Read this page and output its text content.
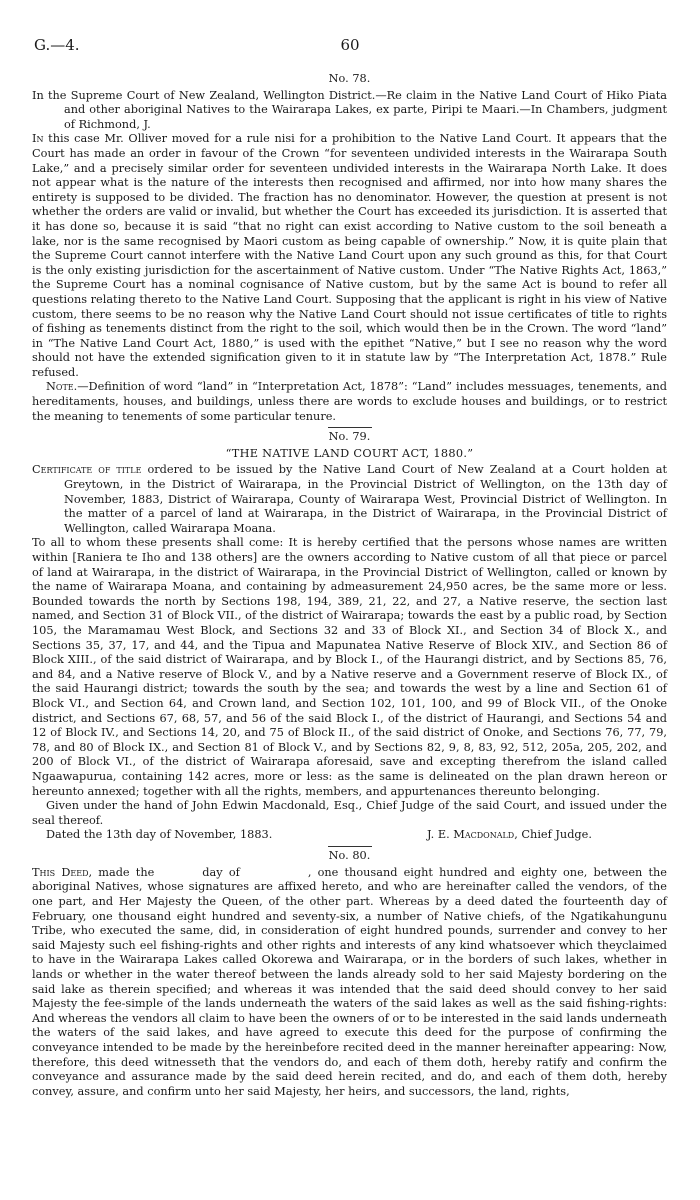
G.—4.	60
No. 78.

In the Supreme Court of New Zealand, Wellington District.—Re claim in the Native Land Court of Hiko Piata and other aboriginal Natives to the Wairarapa Lakes, ex parte, Piripi te Maari.—In Chambers, judgment of Richmond, J.

In this case Mr. Olliver moved for a rule nisi for a prohibition to the Native Land Court. It appears that the Court has made an order in favour of the Crown “for seventeen undivided interests in the Wairarapa South Lake,” and a precisely similar order for seventeen undivided interests in the Wairarapa North Lake. It does not appear what is the nature of the interests then recognised and affirmed, nor into how many shares the entirety is supposed to be divided. The fraction has no denominator. However, the question at present is not whether the orders are valid or invalid, but whether the Court has exceeded its jurisdiction. It is asserted that it has done so, because it is said “that no right can exist according to Native custom to the soil beneath a lake, nor is the same recognised by Maori custom as being capable of ownership.” Now, it is quite plain that the Supreme Court cannot interfere with the Native Land Court upon any such ground as this, for that Court is the only existing jurisdiction for the ascertainment of Native custom. Under “The Native Rights Act, 1863,” the Supreme Court has a nominal cognisance of Native custom, but by the same Act is bound to refer all questions relating thereto to the Native Land Court. Supposing that the applicant is right in his view of Native custom, there seems to be no reason why the Native Land Court should not issue certificates of title to rights of fishing as tenements distinct from the right to the soil, which would then be in the Crown. The word “land” in “The Native Land Court Act, 1880,” is used with the epithet “Native,” but I see no reason why the word should not have the extended signification given to it in statute law by “The Interpretation Act, 1878.” Rule refused.

Note.—Definition of word “land” in “Interpretation Act, 1878”: “Land” includes messuages, tenements, and hereditaments, houses, and buildings, unless there are words to exclude houses and buildings, or to restrict the meaning to tenements of some particular tenure.

No. 79.
“THE NATIVE LAND COURT ACT, 1880.”

Certificate of title ordered to be issued by the Native Land Court of New Zealand at a Court holden at Greytown, in the District of Wairarapa, in the Provincial District of Wellington, on the 13th day of November, 1883, District of Wairarapa, County of Wairarapa West, Provincial District of Wellington. In the matter of a parcel of land at Wairarapa, in the District of Wairarapa, in the Provincial District of Wellington, called Wairarapa Moana.

To all to whom these presents shall come: It is hereby certified that the persons whose names are written within [Raniera te Iho and 138 others] are the owners according to Native custom of all that piece or parcel of land at Wairarapa, in the district of Wairarapa, in the Provincial District of Wellington, called or known by the name of Wairarapa Moana, and containing by admeasurement 24,950 acres, be the same more or less. Bounded towards the north by Sections 198, 194, 389, 21, 22, and 27, a Native reserve, the section last named, and Section 31 of Block VII., of the district of Wairarapa; towards the east by a public road, by Section 105, the Maramamau West Block, and Sections 32 and 33 of Block XI., and Section 34 of Block X., and Sections 35, 37, 17, and 44, and the Tipua and Mapunatea Native Reserve of Block XIV., and Section 86 of Block XIII., of the said district of Wairarapa, and by Block I., of the Haurangi district, and by Sections 85, 76, and 84, and a Native reserve of Block V., and by a Native reserve and a Government reserve of Block IX., of the said Haurangi district; towards the south by the sea; and towards the west by a line and Section 61 of Block VI., and Section 64, and Crown land, and Section 102, 101, 100, and 99 of Block VII., of the Onoke district, and Sections 67, 68, 57, and 56 of the said Block I., of the district of Haurangi, and Sections 54 and 12 of Block IV., and Sections 14, 20, and 75 of Block II., of the said district of Onoke, and Sections 76, 77, 79, 78, and 80 of Block IX., and Section 81 of Block V., and by Sections 82, 9, 8, 83, 92, 512, 205a, 205, 202, and 200 of Block VI., of the district of Wairarapa aforesaid, save and excepting therefrom the island called Ngaawapurua, containing 142 acres, more or less: as the same is delineated on the plan drawn hereon or hereunto annexed; together with all the rights, members, and appurtenances thereunto belonging.

Given under the hand of John Edwin Macdonald, Esq., Chief Judge of the said Court, and issued under the seal thereof.

Dated the 13th day of November, 1883.	J. E. Macdonald, Chief Judge.
No. 80.

This Deed, made the	day of	, one thousand eight hundred and eighty one, between the aboriginal Natives, whose signatures are affixed hereto, and who are hereinafter called the vendors, of the one part, and Her Majesty the Queen, of the other part. Whereas by a deed dated the fourteenth day of February, one thousand eight hundred and seventy-six, a number of Native chiefs, of the Ngatikahungunu Tribe, who executed the same, did, in consideration of eight hundred pounds, surrender and convey to her said Majesty such eel fishing-rights and other rights and interests of any kind whatsoever which theyclaimed to have in the Wairarapa Lakes called Okorewa and Wairarapa, or in the borders of such lakes, whether in lands or whether in the water thereof between the lands already sold to her said Majesty bordering on the said lake as therein specified; and whereas it was intended that the said deed should convey to her said Majesty the fee-simple of the lands underneath the waters of the said lakes as well as the said fishing-rights: And whereas the vendors all claim to have been the owners of or to be interested in the said lands underneath the waters of the said lakes, and have agreed to execute this deed for the purpose of confirming the conveyance intended to be made by the hereinbefore recited deed in the manner hereinafter appearing: Now, therefore, this deed witnesseth that the vendors do, and each of them doth, hereby ratify and confirm the conveyance and assurance made by the said deed herein recited, and do, and each of them doth, hereby convey, assure, and confirm unto her said Majesty, her heirs, and successors, the land, rights,
